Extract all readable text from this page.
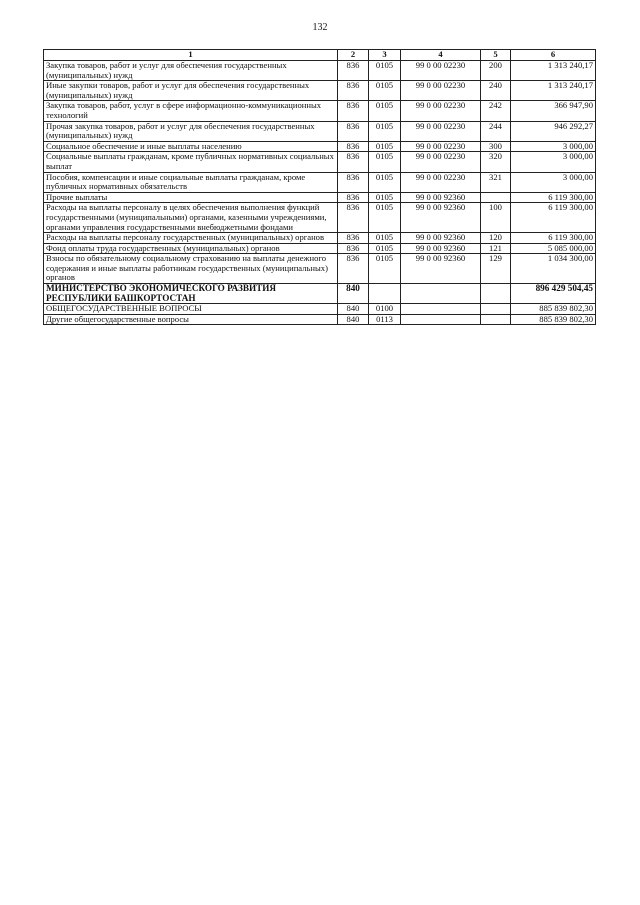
132
1	2	3	4	5	6
Закупка товаров, работ и услуг для обеспечения государственных (муниципальных) нужд	836	0105	99 0 00 02230	200	1 313 240,17
Иные закупки товаров, работ и услуг для обеспечения государственных (муниципальных) нужд	836	0105	99 0 00 02230	240	1 313 240,17
Закупка товаров, работ, услуг в сфере информационно-коммуникационных технологий	836	0105	99 0 00 02230	242	366 947,90
Прочая закупка товаров, работ и услуг для обеспечения государственных (муниципальных) нужд	836	0105	99 0 00 02230	244	946 292,27
Социальное обеспечение и иные выплаты населению	836	0105	99 0 00 02230	300	3 000,00
Социальные выплаты гражданам, кроме публичных нормативных социальных выплат	836	0105	99 0 00 02230	320	3 000,00
Пособия, компенсации и иные социальные выплаты гражданам, кроме публичных нормативных обязательств	836	0105	99 0 00 02230	321	3 000,00
Прочие выплаты	836	0105	99 0 00 92360		6 119 300,00
Расходы на выплаты персоналу в целях обеспечения выполнения функций государственными (муниципальными) органами, казенными учреждениями, органами управления государственными внебюджетными фондами	836	0105	99 0 00 92360	100	6 119 300,00
Расходы на выплаты персоналу государственных (муниципальных) органов	836	0105	99 0 00 92360	120	6 119 300,00
Фонд оплаты труда государственных (муниципальных) органов	836	0105	99 0 00 92360	121	5 085 000,00
Взносы по обязательному социальному страхованию на выплаты денежного содержания и иные выплаты работникам государственных (муниципальных) органов	836	0105	99 0 00 92360	129	1 034 300,00
МИНИСТЕРСТВО ЭКОНОМИЧЕСКОГО РАЗВИТИЯ РЕСПУБЛИКИ БАШКОРТОСТАН	840				896 429 504,45
ОБЩЕГОСУДАРСТВЕННЫЕ ВОПРОСЫ	840	0100			885 839 802,30
Другие общегосударственные вопросы	840	0113			885 839 802,30
